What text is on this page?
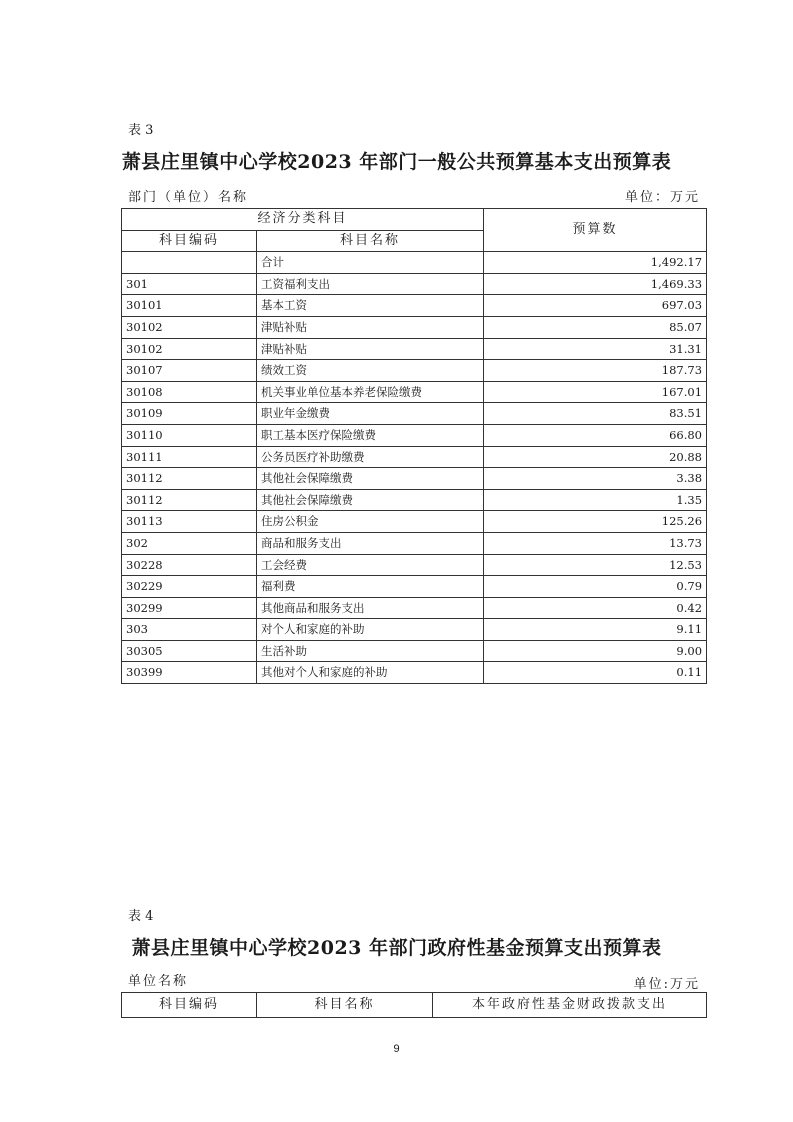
表 3
萧县庄里镇中心学校2023 年部门一般公共预算基本支出预算表
部门（单位）名称	单位：万元
经济分类科目		预算数
科目编码	科目名称	
	合计	1,492.17
301	工资福利支出	1,469.33
30101	基本工资	697.03
30102	津贴补贴	85.07
30102	津贴补贴	31.31
30107	绩效工资	187.73
30108	机关事业单位基本养老保险缴费	167.01
30109	职业年金缴费	83.51
30110	职工基本医疗保险缴费	66.80
30111	公务员医疗补助缴费	20.88
30112	其他社会保障缴费	3.38
30112	其他社会保障缴费	1.35
30113	住房公积金	125.26
302	商品和服务支出	13.73
30228	工会经费	12.53
30229	福利费	0.79
30299	其他商品和服务支出	0.42
303	对个人和家庭的补助	9.11
30305	生活补助	9.00
30399	其他对个人和家庭的补助	0.11
表 4
萧县庄里镇中心学校2023 年部门政府性基金预算支出预算表
单位名称	单位:万元
科目编码	科目名称	本年政府性基金财政拨款支出
9
